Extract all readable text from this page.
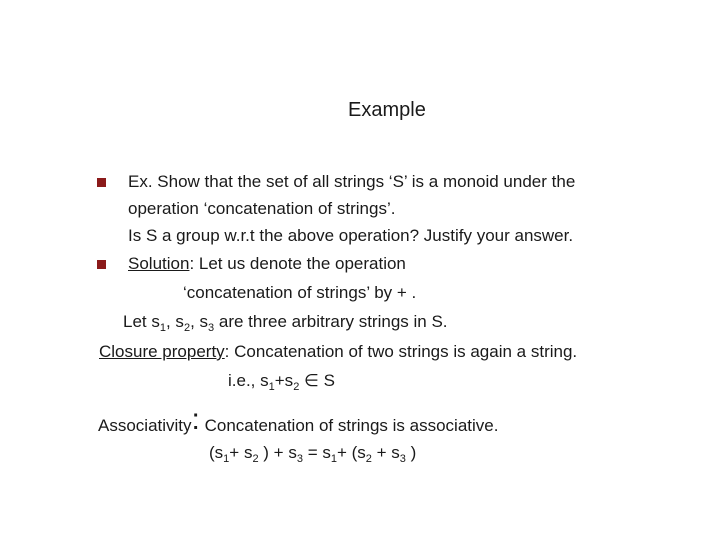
Example
Ex. Show that the set of all strings ‘S’ is a monoid under the
operation ‘concatenation of strings’.
Is S a group w.r.t the above operation? Justify your answer.
Solution: Let us denote the operation
‘concatenation of strings’ by + .
Let $s_1$, $s_2$, $s_3$ are three arbitrary strings in S.
Closure property: Concatenation of two strings is again a string.
i.e., $s_1+s_2$ ∈ S
Associativity: Concatenation of strings is associative.
($s_1+ s_2$ ) + $s_3 = s_1+ (s_2 + s_3$ )
